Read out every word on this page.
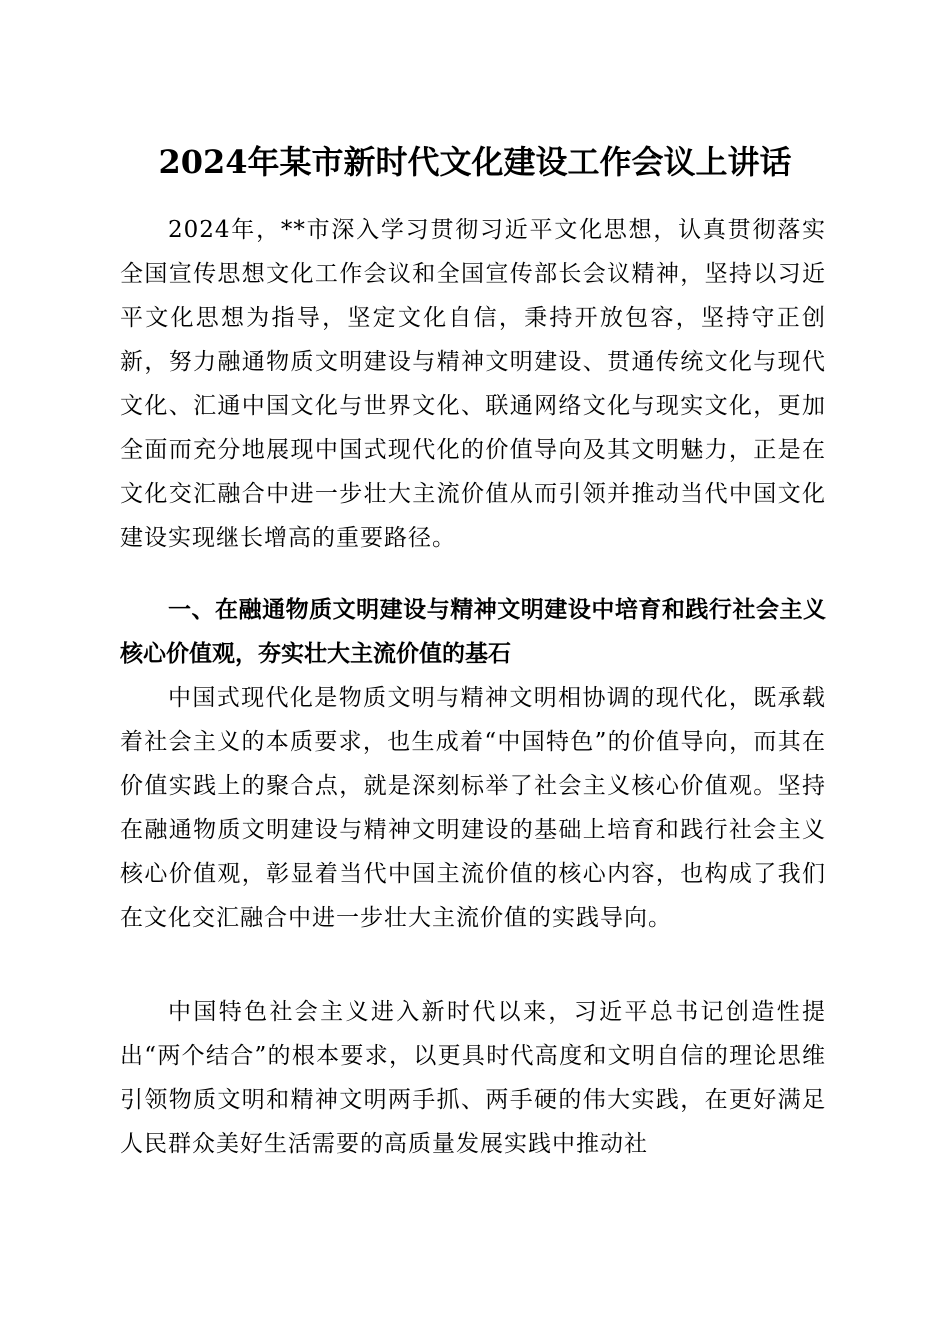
2024年某市新时代文化建设工作会议上讲话

2024年，**市深入学习贯彻习近平文化思想，认真贯彻落实全国宣传思想文化工作会议和全国宣传部长会议精神，坚持以习近平文化思想为指导，坚定文化自信，秉持开放包容，坚持守正创新，努力融通物质文明建设与精神文明建设、贯通传统文化与现代文化、汇通中国文化与世界文化、联通网络文化与现实文化，更加全面而充分地展现中国式现代化的价值导向及其文明魅力，正是在文化交汇融合中进一步壮大主流价值从而引领并推动当代中国文化建设实现继长增高的重要路径。

一、在融通物质文明建设与精神文明建设中培育和践行社会主义核心价值观，夯实壮大主流价值的基石

中国式现代化是物质文明与精神文明相协调的现代化，既承载着社会主义的本质要求，也生成着“中国特色”的价值导向，而其在价值实践上的聚合点，就是深刻标举了社会主义核心价值观。坚持在融通物质文明建设与精神文明建设的基础上培育和践行社会主义核心价值观，彰显着当代中国主流价值的核心内容，也构成了我们在文化交汇融合中进一步壮大主流价值的实践导向。

中国特色社会主义进入新时代以来，习近平总书记创造性提出“两个结合”的根本要求，以更具时代高度和文明自信的理论思维引领物质文明和精神文明两手抓、两手硬的伟大实践，在更好满足人民群众美好生活需要的高质量发展实践中推动社
